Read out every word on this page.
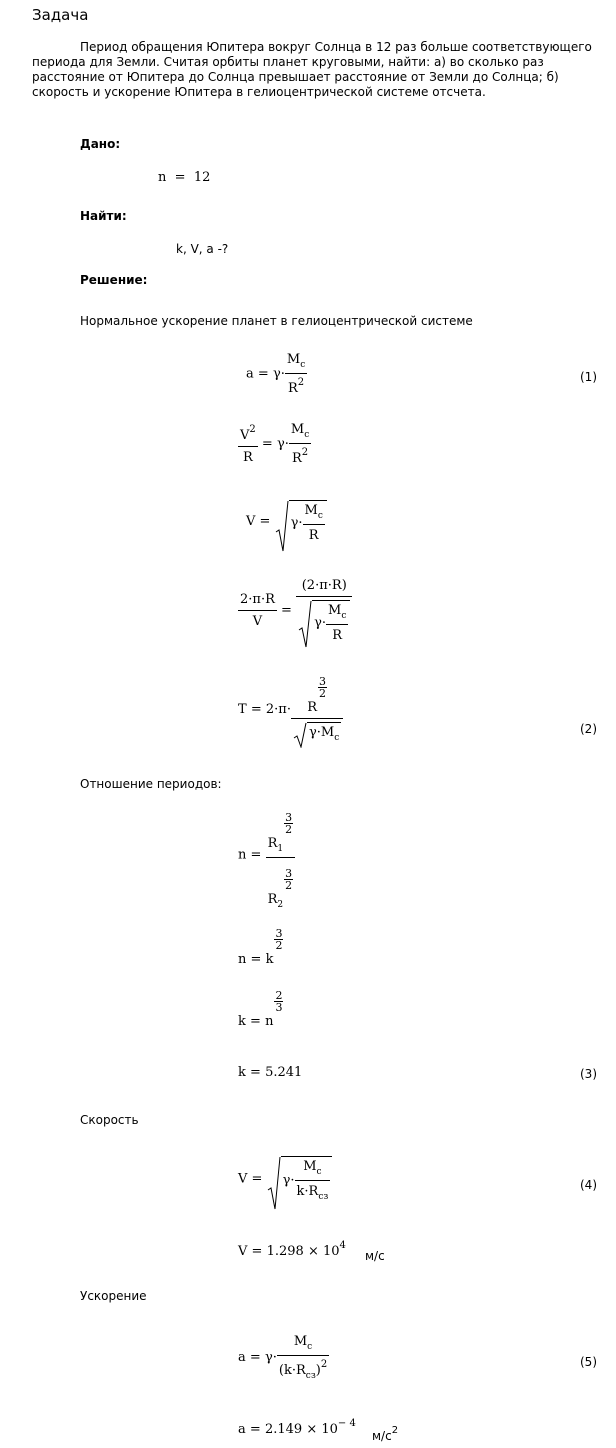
Задача
Период обращения Юпитера вокруг Солнца в 12 раз больше соответствующего периода для Земли. Считая орбиты планет круговыми, найти: а) во сколько раз расстояние от Юпитера до Солнца превышает расстояние от Земли до Солнца; б) скорость и ускорение Юпитера в гелиоцентрической системе отсчета.
Дано:
n = 12
Найти:
k, V, a -?
Решение:
Нормальное ускорение планет в гелиоцентрической системе
$a = \gamma\cdot \frac{M_c}{R^2}$	(1)
$\frac{V^2}{R} = \gamma\cdot \frac{M_c}{R^2}$
$V = \gamma\cdot \frac{M_c}{R}$
$\frac{2\cdot\pi\cdot R}{V} = \frac{(2\cdot\pi\cdot R)}{\gamma\cdot \frac{M_c}{R}}$
T = 2·π· R
$\frac{3}{2}$
$\gamma\cdot M_c$	(2)
Отношение периодов:
$n = R_1$
$\frac{3}{2}$
$R_2$
$\frac{3}{2}$
n = k
$\frac{3}{2}$
k = n
$\frac{2}{3}$
k = 5.241	(3)
Скорость
$V = \gamma\cdot \frac{M_c}{k\cdot R_{сз}}$	(4)
$V = 1.298 \times 10^4$
м/с
Ускорение
$a = \gamma\cdot \frac{M_c}{(k\cdot R_{сз})^2}$	(5)
$a = 2.149 \times 10^{- 4}$
$м/с^2$
